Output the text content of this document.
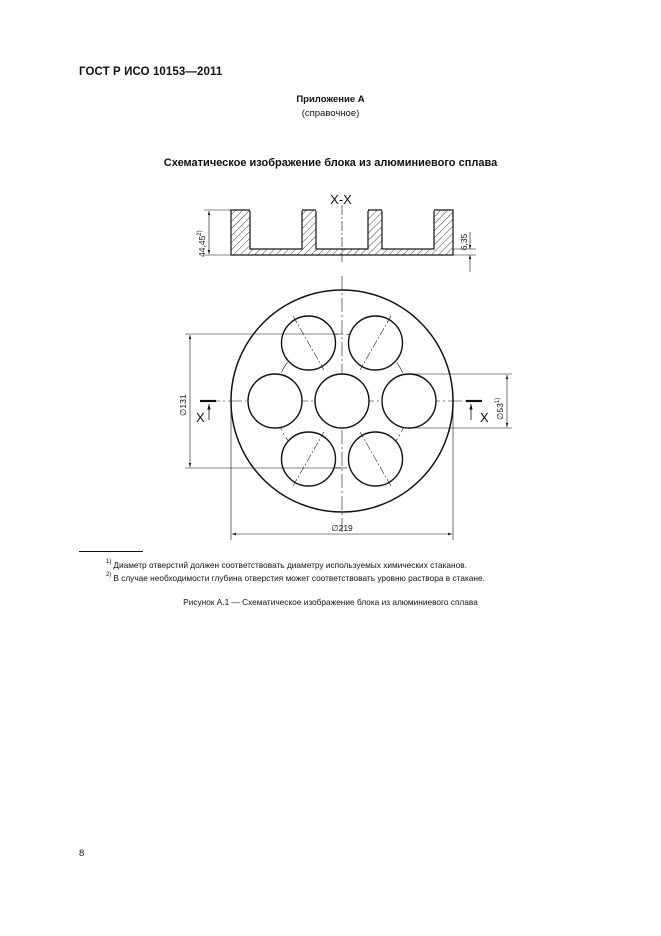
ГОСТ Р ИСО 10153—2011
Приложение А
(справочное)
Схематическое изображение блока из алюминиевого сплава
X-X
44,45$^{2)}$
6,35
∅131	∅53$^{1)}$
∅219
X	X
$^{1)}$ Диаметр отверстий должен соответствовать диаметру используемых химических стаканов.
$^{2)}$ В случае необходимости глубина отверстия может соответствовать уровню раствора в стакане.
Рисунок А.1 — Схематическое изображение блока из алюминиевого сплава
8
